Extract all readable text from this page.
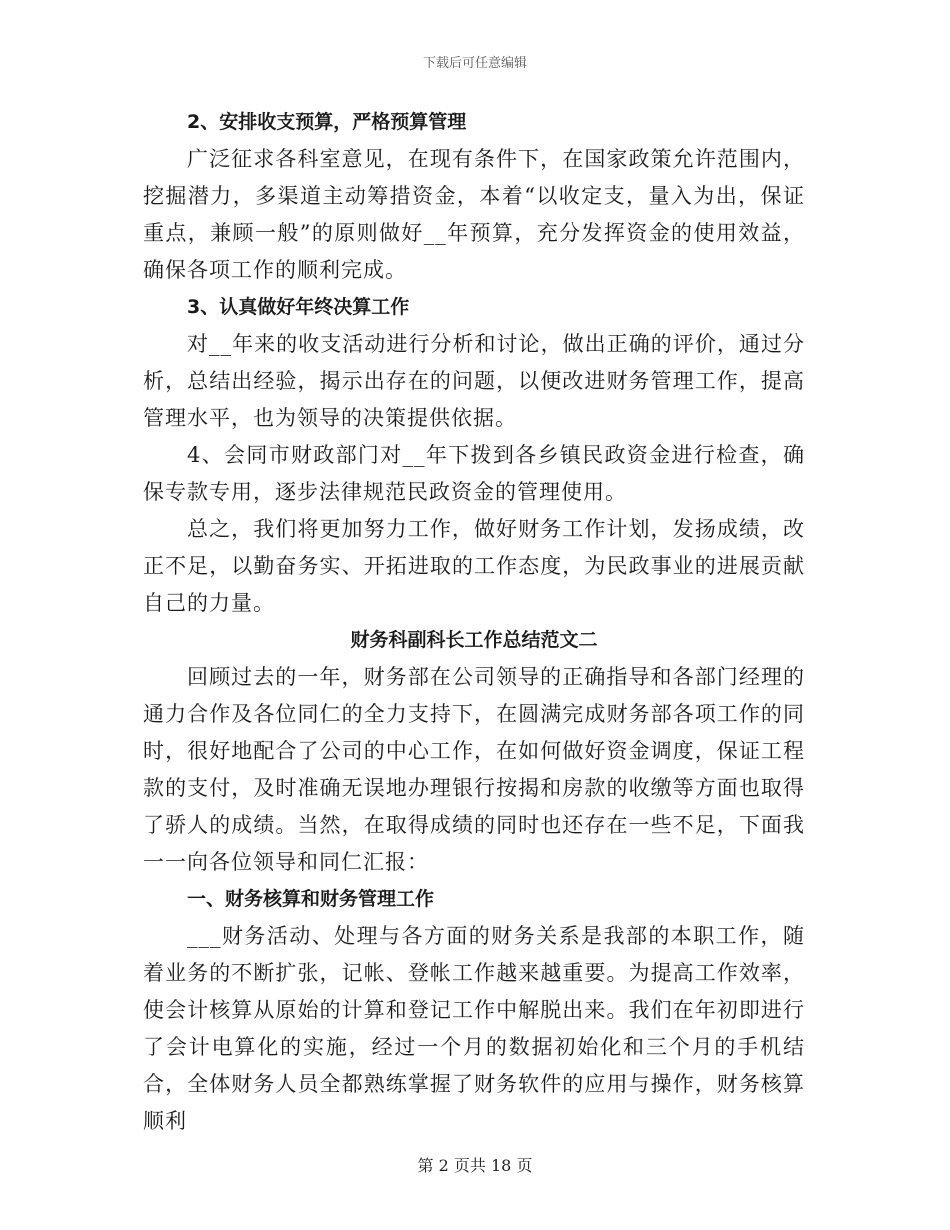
下载后可任意编辑
2、安排收支预算，严格预算管理

广泛征求各科室意见，在现有条件下，在国家政策允许范围内，挖掘潜力，多渠道主动筹措资金，本着“以收定支，量入为出，保证重点，兼顾一般”的原则做好__年预算，充分发挥资金的使用效益，确保各项工作的顺利完成。

3、认真做好年终决算工作

对__年来的收支活动进行分析和讨论，做出正确的评价，通过分析，总结出经验，揭示出存在的问题，以便改进财务管理工作，提高管理水平，也为领导的决策提供依据。

4、会同市财政部门对__年下拨到各乡镇民政资金进行检查，确保专款专用，逐步法律规范民政资金的管理使用。

总之，我们将更加努力工作，做好财务工作计划，发扬成绩，改正不足，以勤奋务实、开拓进取的工作态度，为民政事业的进展贡献自己的力量。

财务科副科长工作总结范文二

回顾过去的一年，财务部在公司领导的正确指导和各部门经理的通力合作及各位同仁的全力支持下，在圆满完成财务部各项工作的同时，很好地配合了公司的中心工作，在如何做好资金调度，保证工程款的支付，及时准确无误地办理银行按揭和房款的收缴等方面也取得了骄人的成绩。当然，在取得成绩的同时也还存在一些不足，下面我一一向各位领导和同仁汇报：

一、财务核算和财务管理工作

___财务活动、处理与各方面的财务关系是我部的本职工作，随着业务的不断扩张，记帐、登帐工作越来越重要。为提高工作效率，使会计核算从原始的计算和登记工作中解脱出来。我们在年初即进行了会计电算化的实施，经过一个月的数据初始化和三个月的手机结合，全体财务人员全都熟练掌握了财务软件的应用与操作，财务核算顺利

第 2 页共 18 页
